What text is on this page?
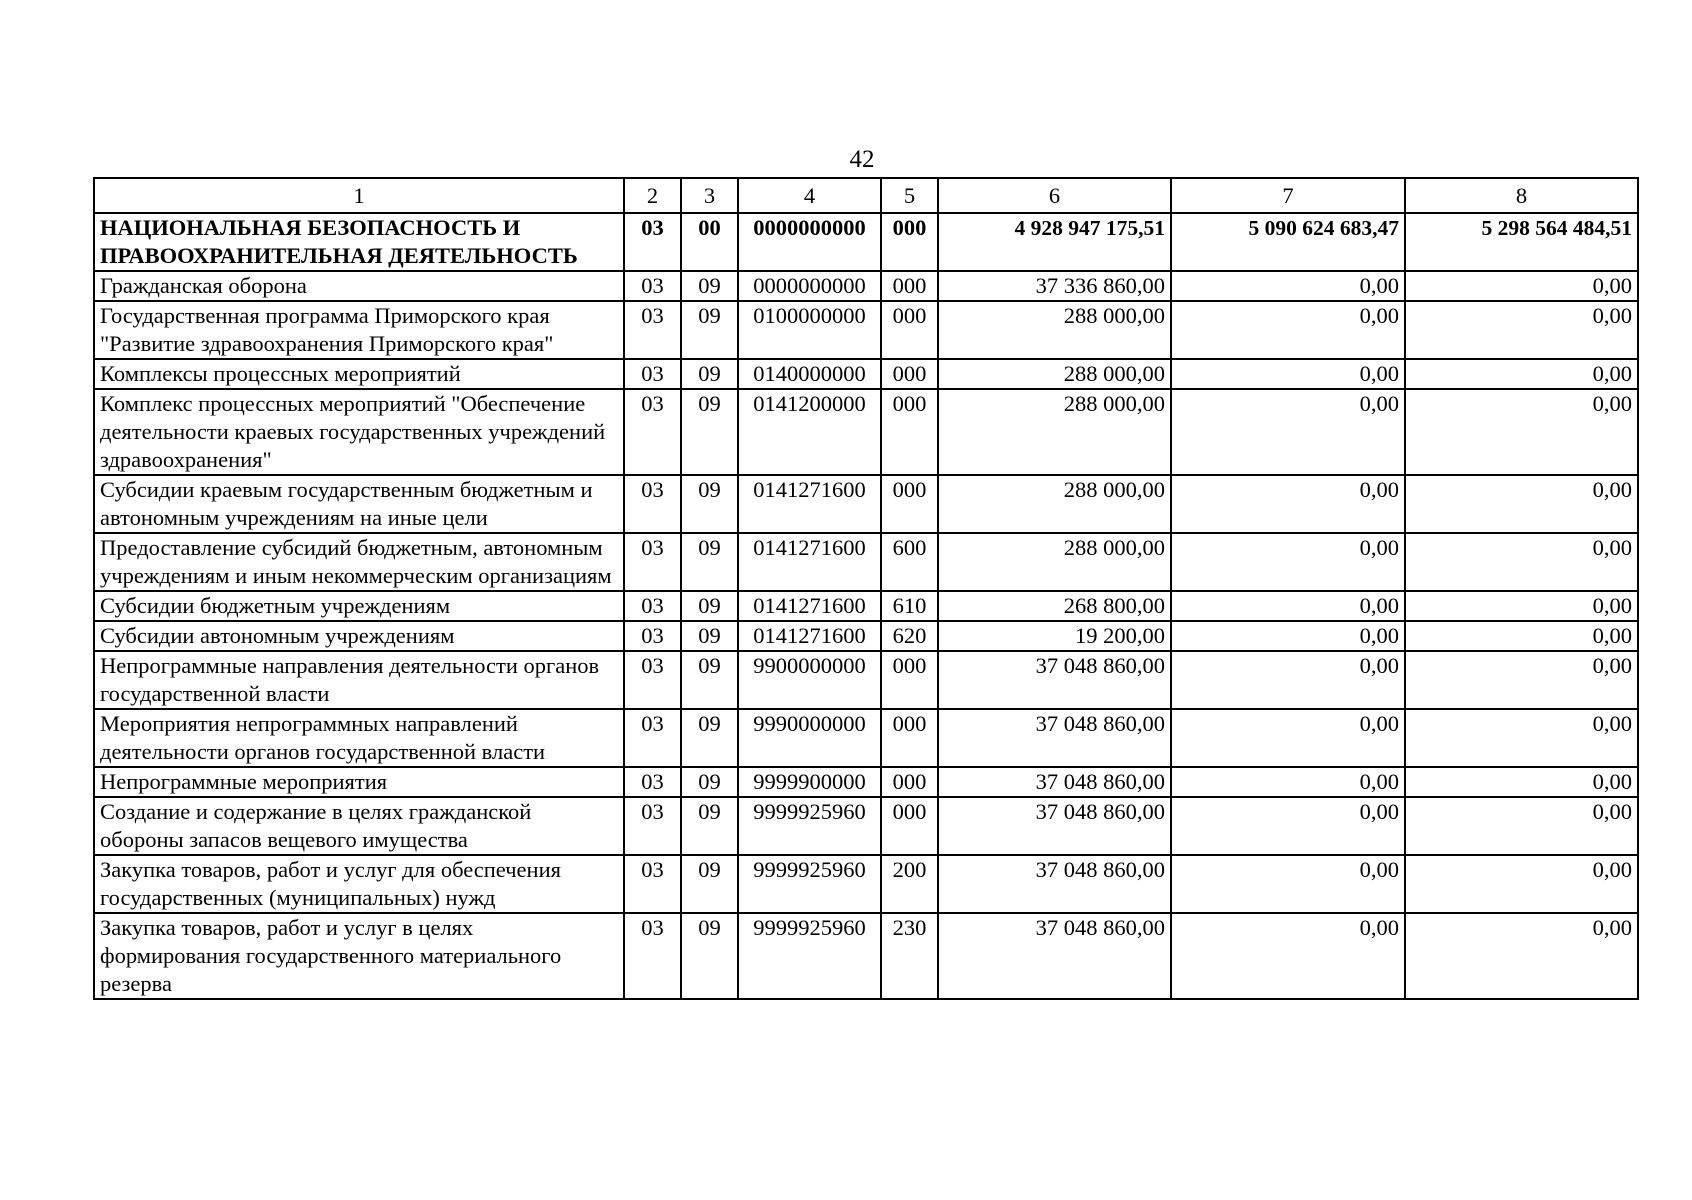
42
1	2	3	4	5	6	7	8
НАЦИОНАЛЬНАЯ БЕЗОПАСНОСТЬ И ПРАВООХРАНИТЕЛЬНАЯ ДЕЯТЕЛЬНОСТЬ	03	00	0000000000	000	4 928 947 175,51	5 090 624 683,47	5 298 564 484,51
Гражданская оборона	03	09	0000000000	000	37 336 860,00	0,00	0,00
Государственная программа Приморского края "Развитие здравоохранения Приморского края"	03	09	0100000000	000	288 000,00	0,00	0,00
Комплексы процессных мероприятий	03	09	0140000000	000	288 000,00	0,00	0,00
Комплекс процессных мероприятий "Обеспечение деятельности краевых государственных учреждений здравоохранения"	03	09	0141200000	000	288 000,00	0,00	0,00
Субсидии краевым государственным бюджетным и автономным учреждениям на иные цели	03	09	0141271600	000	288 000,00	0,00	0,00
Предоставление субсидий бюджетным, автономным учреждениям и иным некоммерческим организациям	03	09	0141271600	600	288 000,00	0,00	0,00
Субсидии бюджетным учреждениям	03	09	0141271600	610	268 800,00	0,00	0,00
Субсидии автономным учреждениям	03	09	0141271600	620	19 200,00	0,00	0,00
Непрограммные направления деятельности органов государственной власти	03	09	9900000000	000	37 048 860,00	0,00	0,00
Мероприятия непрограммных направлений деятельности органов государственной власти	03	09	9990000000	000	37 048 860,00	0,00	0,00
Непрограммные мероприятия	03	09	9999900000	000	37 048 860,00	0,00	0,00
Создание и содержание в целях гражданской обороны запасов вещевого имущества	03	09	9999925960	000	37 048 860,00	0,00	0,00
Закупка товаров, работ и услуг для обеспечения государственных (муниципальных) нужд	03	09	9999925960	200	37 048 860,00	0,00	0,00
Закупка товаров, работ и услуг в целях формирования государственного материального резерва	03	09	9999925960	230	37 048 860,00	0,00	0,00
